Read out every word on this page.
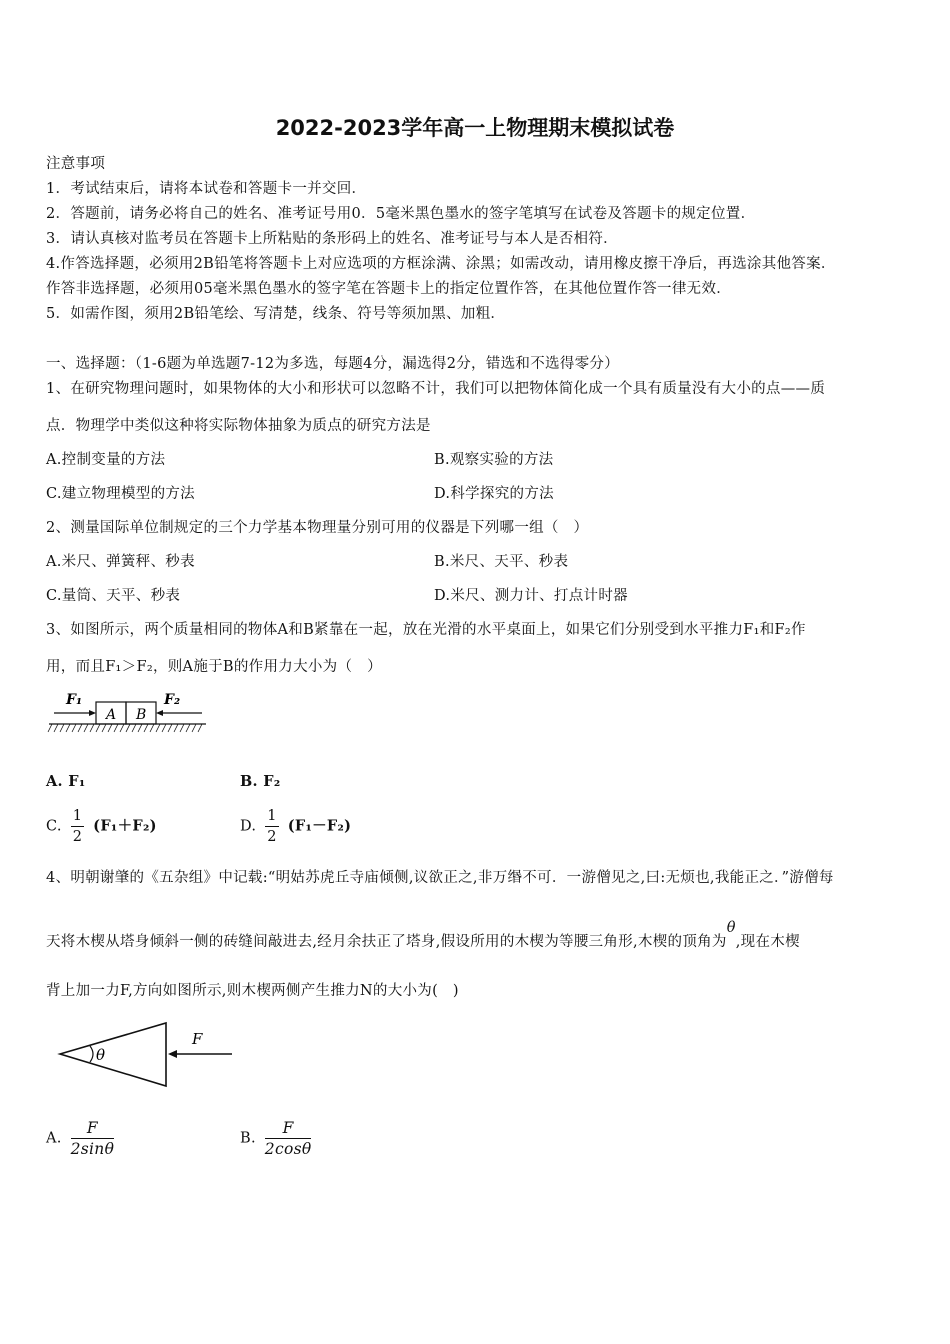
2022-2023学年高一上物理期末模拟试卷
注意事项
1．考试结束后，请将本试卷和答题卡一并交回．
2．答题前，请务必将自己的姓名、准考证号用0．5毫米黑色墨水的签字笔填写在试卷及答题卡的规定位置．
3．请认真核对监考员在答题卡上所粘贴的条形码上的姓名、准考证号与本人是否相符．
4.作答选择题，必须用2B铅笔将答题卡上对应选项的方框涂满、涂黑；如需改动，请用橡皮擦干净后，再选涂其他答案．
作答非选择题，必须用05毫米黑色墨水的签字笔在答题卡上的指定位置作答，在其他位置作答一律无效．
5．如需作图，须用2B铅笔绘、写清楚，线条、符号等须加黑、加粗．
一、选择题：（1-6题为单选题7-12为多选，每题4分，漏选得2分，错选和不选得零分）
1、在研究物理问题时，如果物体的大小和形状可以忽略不计，我们可以把物体简化成一个具有质量没有大小的点——质
点．物理学中类似这种将实际物体抽象为质点的研究方法是
A.控制变量的方法	B.观察实验的方法
C.建立物理模型的方法	D.科学探究的方法
2、测量国际单位制规定的三个力学基本物理量分别可用的仪器是下列哪一组（　）
A.米尺、弹簧秤、秒表	B.米尺、天平、秒表
C.量筒、天平、秒表	D.米尺、测力计、打点计时器
3、如图所示，两个质量相同的物体A和B紧靠在一起，放在光滑的水平桌面上，如果它们分别受到水平推力F₁和F₂作
用，而且F₁＞F₂，则A施于B的作用力大小为（　）
A B
F₁	F₂
A. F₁	B. F₂
C. $\frac{1}{2} (F_1+F_2)$	D. $\frac{1}{2} (F_1-F_2)$
4、明朝谢肇的《五杂组》中记载:“明姑苏虎丘寺庙倾侧,议欲正之,非万缗不可．一游僧见之,曰:无烦也,我能正之．”游僧每
天将木楔从塔身倾斜一侧的砖缝间敲进去,经月余扶正了塔身,假设所用的木楔为等腰三角形,木楔的顶角为θ,现在木楔
背上加一力F,方向如图所示,则木楔两侧产生推力N的大小为(　)
θ
F
A. $\frac{F}{2\sin\theta}$	B. $\frac{F}{2\cos\theta}$
